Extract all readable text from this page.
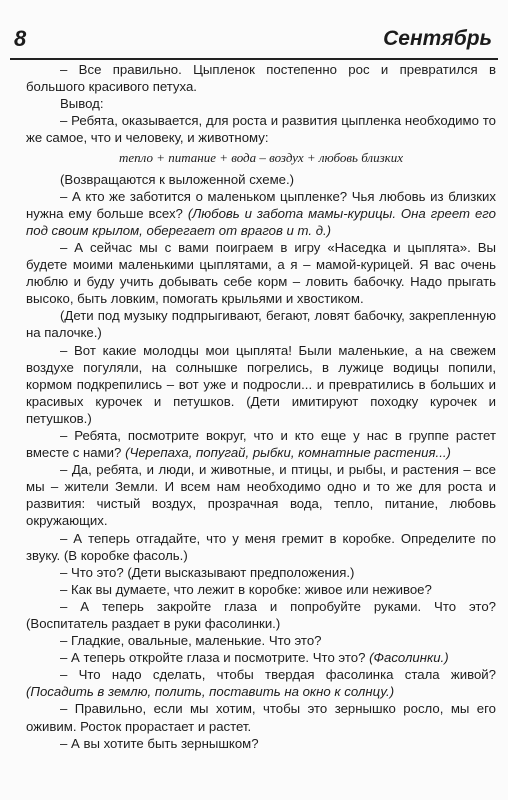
8	Сентябрь

– Все правильно. Цыпленок постепенно рос и превратился в большого красивого петуха.

Вывод:

– Ребята, оказывается, для роста и развития цыпленка необходимо то же самое, что и человеку, и животному:

тепло + питание + вода – воздух + любовь близких

(Возвращаются к выложенной схеме.)

– А кто же заботится о маленьком цыпленке? Чья любовь из близких нужна ему больше всех? (Любовь и забота мамы-курицы. Она греет его под своим крылом, оберегает от врагов и т. д.)

– А сейчас мы с вами поиграем в игру «Наседка и цыплята». Вы будете моими маленькими цыплятами, а я – мамой-курицей. Я вас очень люблю и буду учить добывать себе корм – ловить бабочку. Надо прыгать высоко, быть ловким, помогать крыльями и хвостиком.

(Дети под музыку подпрыгивают, бегают, ловят бабочку, закрепленную на палочке.)

– Вот какие молодцы мои цыплята! Были маленькие, а на свежем воздухе погуляли, на солнышке погрелись, в лужице водицы попили, кормом подкрепились – вот уже и подросли... и превратились в больших и красивых курочек и петушков. (Дети имитируют походку курочек и петушков.)

– Ребята, посмотрите вокруг, что и кто еще у нас в группе растет вместе с нами? (Черепаха, попугай, рыбки, комнатные растения...)

– Да, ребята, и люди, и животные, и птицы, и рыбы, и растения – все мы – жители Земли. И всем нам необходимо одно и то же для роста и развития: чистый воздух, прозрачная вода, тепло, питание, любовь окружающих.

– А теперь отгадайте, что у меня гремит в коробке. Определите по звуку. (В коробке фасоль.)

– Что это? (Дети высказывают предположения.)

– Как вы думаете, что лежит в коробке: живое или неживое?

– А теперь закройте глаза и попробуйте руками. Что это? (Воспитатель раздает в руки фасолинки.)

– Гладкие, овальные, маленькие. Что это?

– А теперь откройте глаза и посмотрите. Что это? (Фасолинки.)

– Что надо сделать, чтобы твердая фасолинка стала живой? (Посадить в землю, полить, поставить на окно к солнцу.)

– Правильно, если мы хотим, чтобы это зернышко росло, мы его оживим. Росток прорастает и растет.

– А вы хотите быть зернышком?
